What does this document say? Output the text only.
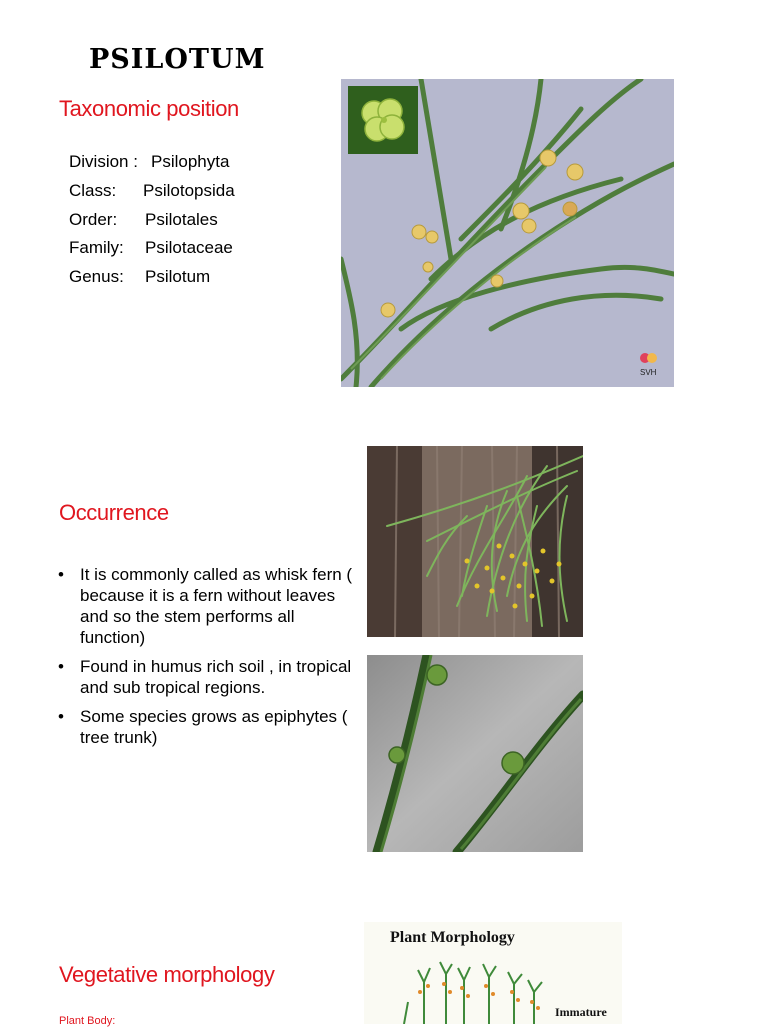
PSILOTUM
Taxonomic position
Division : Psilophyta
Class: Psilotopsida
Order: Psilotales
Family: Psilotaceae
Genus: Psilotum
SVH
Occurrence
• It is commonly called as whisk fern ( because it is a fern without leaves and so the stem performs all function)
• Found in humus rich soil , in tropical and sub tropical regions.
• Some species grows as epiphytes ( tree trunk)
Vegetative morphology
Plant Body:
Plant Morphology
Immature
